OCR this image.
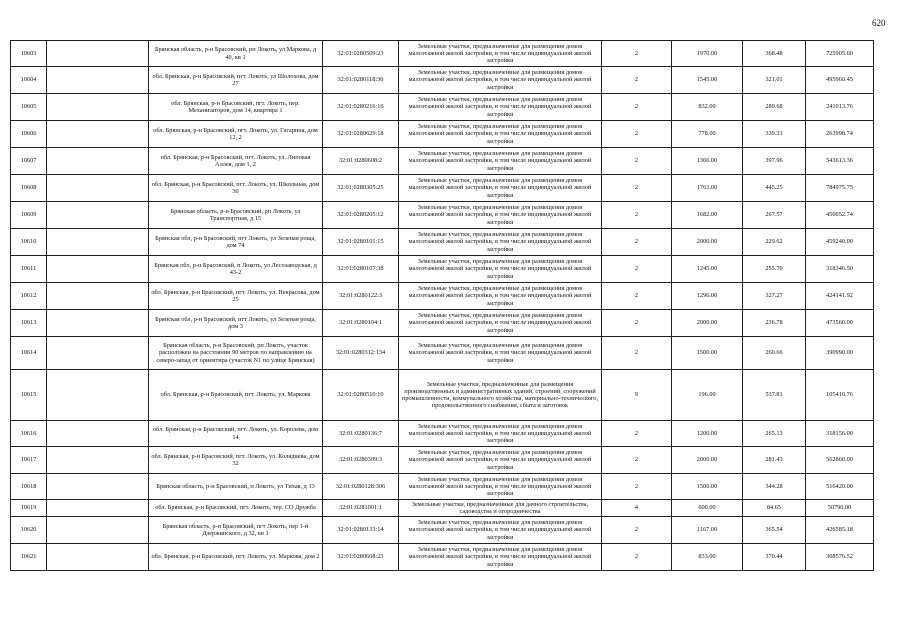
620
10603		Брянская область, р-н Брасовский, рп Локоть, ул Маркова, д 40, кв 1	32:01:0280509:23	Земельные участки, предназначенные для размещения домов малоэтажной жилой застройки, в том числе индивидуальной жилой застройки	2	1970.00	368.48	725905.60
10604		обл. Брянская, р-н Брасовский, пгт. Локоть, ул Шолохова, дом 27	32:01:0280118:30	Земельные участки, предназначенные для размещения домов малоэтажной жилой застройки, в том числе индивидуальной жилой застройки	2	1545.00	321.01	495960.45
10605		обл. Брянская, р-н Брасовский, пгт. Локоть, пер. Механизаторов, дом 14, квартира 1	32:01:0280216:16	Земельные участки, предназначенные для размещения домов малоэтажной жилой застройки, в том числе индивидуальной жилой застройки	2	832.00	289.68	241013.76
10606		обл. Брянская, р-н Брасовский, пгт. Локоть, ул. Гагарина, дом 12, 2	32:01:0280629:18	Земельные участки, предназначенные для размещения домов малоэтажной жилой застройки, в том числе индивидуальной жилой застройки	2	778.00	339.33	263998.74
10607		обл. Брянская, р-н Брасовский, пгт. Локоть, ул. Липовая Аллея, дом 1, 2	32:01:0280608:2	Земельные участки, предназначенные для размещения домов малоэтажной жилой застройки, в том числе индивидуальной жилой застройки	2	1366.00	397.96	543613.36
10608		обл. Брянская, р-н Брасовский, пгт. Локоть, ул. Школьная, дом 30	32:01:0280305:25	Земельные участки, предназначенные для размещения домов малоэтажной жилой застройки, в том числе индивидуальной жилой застройки	2	1763.00	445.25	784975.75
10609		Брянская область, р-н Брасовский, рп Локоть, ул Транспортная, д 15	32:01:0280205:12	Земельные участки, предназначенные для размещения домов малоэтажной жилой застройки, в том числе индивидуальной жилой застройки	2	1682.00	267.57	450052.74
10610		Брянская обл, р-н Брасовский, пгт Локоть, ул Зеленая роща, дом 74	32:01:0280101:15	Земельные участки, предназначенные для размещения домов малоэтажной жилой застройки, в том числе индивидуальной жилой застройки	2	2000.00	229.62	459240.00
10611		Брянская обл, р-н Брасовский, п Локоть, ул Лесозаводская, д 43-2	32:01:0280107:38	Земельные участки, предназначенные для размещения домов малоэтажной жилой застройки, в том числе индивидуальной жилой застройки	2	1245.00	255.70	318346.50
10612		обл. Брянская, р-н Брасовский, пгт. Локоть, ул. Некрасова, дом 25	32:01:0280122:3	Земельные участки, предназначенные для размещения домов малоэтажной жилой застройки, в том числе индивидуальной жилой застройки	2	1296.00	327.27	424141.92
10613		Брянская обл, р-н Брасовский, пгт Локоть, ул Зеленая роща, дом 3	32:01:0280104:1	Земельные участки, предназначенные для размещения домов малоэтажной жилой застройки, в том числе индивидуальной жилой застройки	2	2000.00	236.78	473560.00
10614		Брянская область, р-н Брасовский, рп Локоть, участок расположен на расстоянии 90 метров по направлению на северо-запад от ориентира (участок N1 по улице Брянская)	32:01:0280312:134	Земельные участки, предназначенные для размещения домов малоэтажной жилой застройки, в том числе индивидуальной жилой застройки	2	1500.00	260.66	390990.00
10615		обл. Брянская, р-н Брасовский, пгт. Локоть, ул. Маркова	32:01:0280510:10	Земельные участки, предназначенные для размещения производственных и административных зданий, строений, сооружений промышленности, коммунального хозяйства, материально-технического, продовольственного снабжения, сбыта и заготовок	9	196.00	537.81	105410.76
10616		обл. Брянская, р-н Брасовский, пгт. Локоть, ул. Королева, дом 14	32:01:0280136:7	Земельные участки, предназначенные для размещения домов малоэтажной жилой застройки, в том числе индивидуальной жилой застройки	2	1200.00	265.13	318156.00
10617		обл. Брянская, р-н Брасовский, пгт. Локоть, ул. Колядиева, дом 32	32:01:0280309:3	Земельные участки, предназначенные для размещения домов малоэтажной жилой застройки, в том числе индивидуальной жилой застройки	2	2000.00	281.43	562860.00
10618		Брянская область, р-н Брасовский, п Локоть, ул Тихая, д 13	32:01:0280128:306	Земельные участки, предназначенные для размещения домов малоэтажной жилой застройки, в том числе индивидуальной жилой застройки	2	1500.00	344.28	516420.00
10619		обл. Брянская, р-н Брасовский, пгт. Локоть, тер. СО Дружба	32:01:0281001:1	Земельные участки, предназначенные для дачного строительства, садоводства и огородничества	4	600.00	84.65	50790.00
10620		Брянская область, р-н Брасовский, пгт Локоть, пер 1-й Дзержинского, д 32, кв 1	32:01:0280133:14	Земельные участки, предназначенные для размещения домов малоэтажной жилой застройки, в том числе индивидуальной жилой застройки	2	1167.00	365.54	426585.18
10621		обл. Брянская, р-н Брасовский, пгт. Локоть, ул. Маркова, дом 2	32:01:0280608:23	Земельные участки, предназначенные для размещения домов малоэтажной жилой застройки, в том числе индивидуальной жилой застройки	2	833.00	370.44	308576.52
